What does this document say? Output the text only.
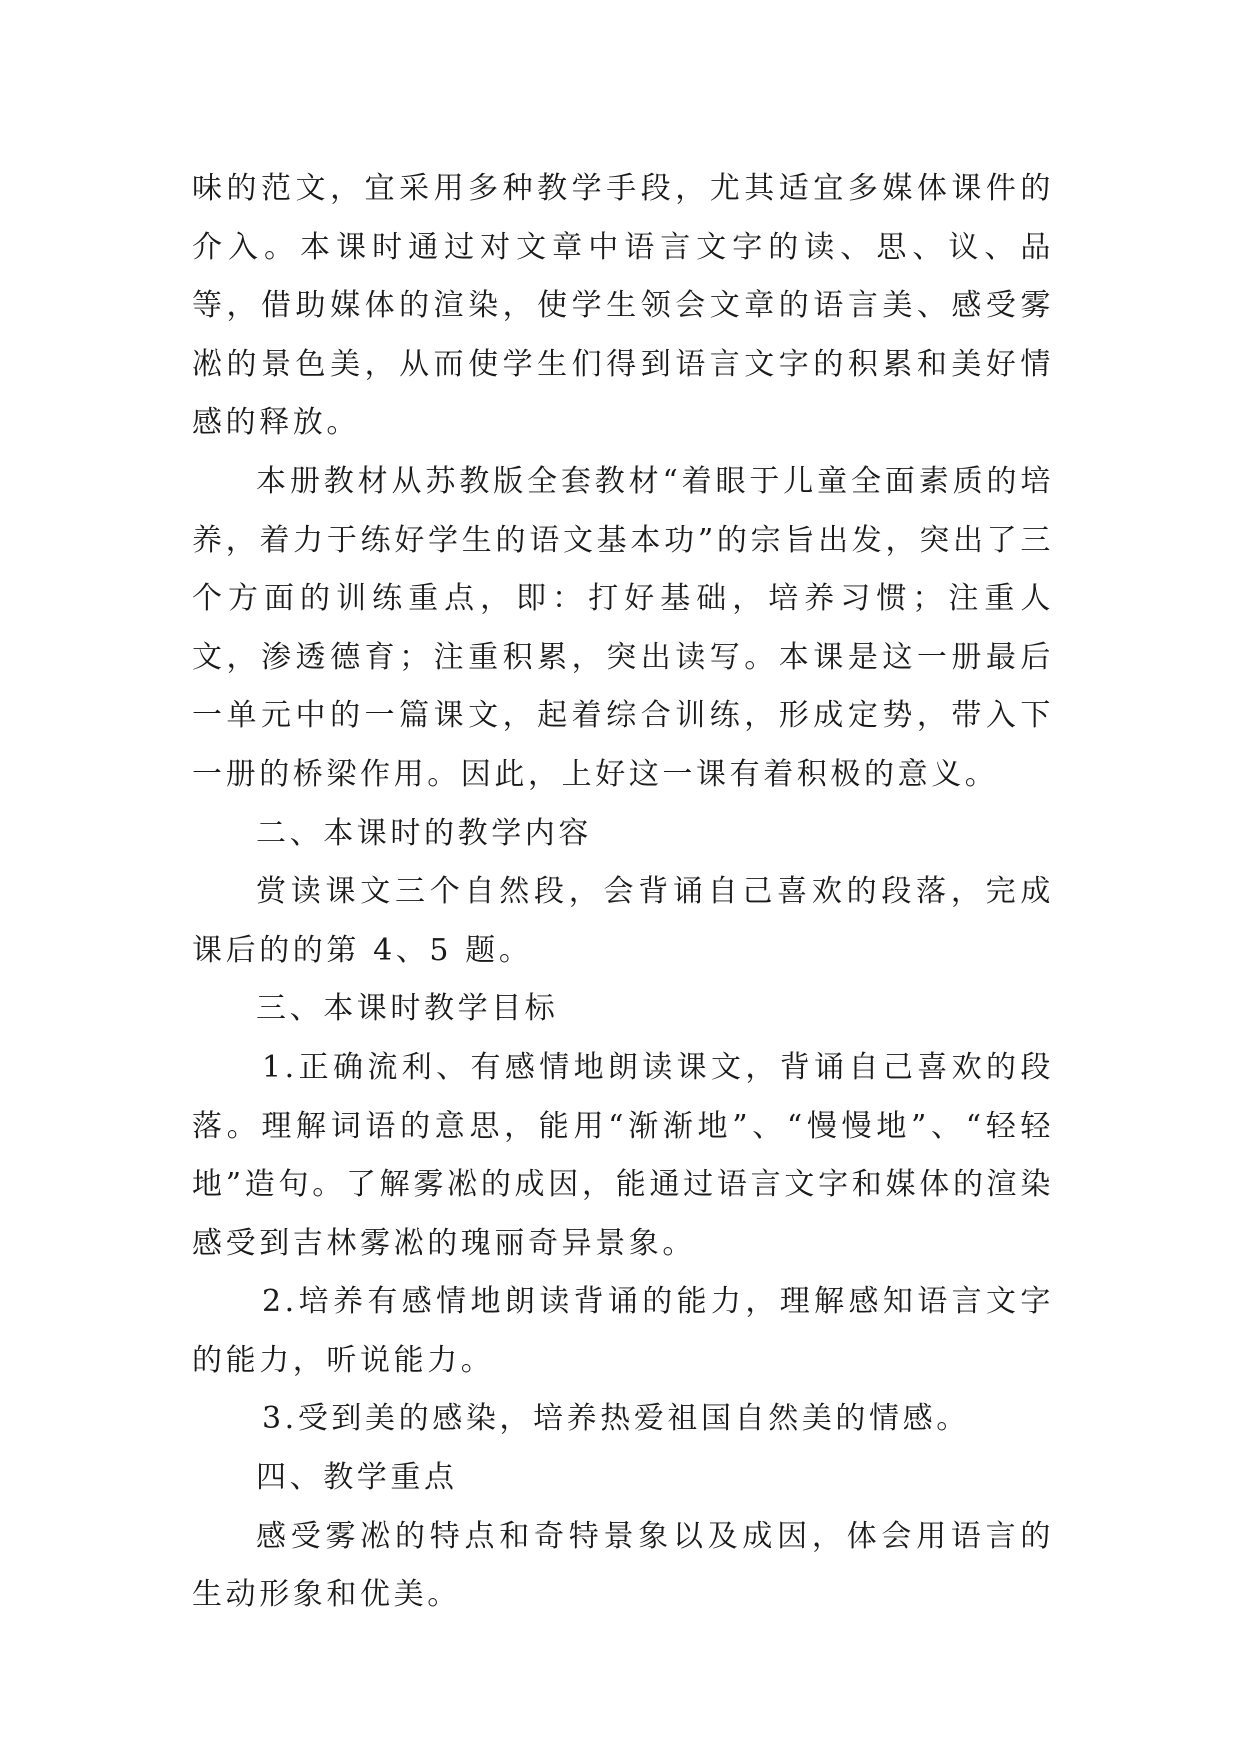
味的范文，宜采用多种教学手段，尤其适宜多媒体课件的介入。本课时通过对文章中语言文字的读、思、议、品等，借助媒体的渲染，使学生领会文章的语言美、感受雾凇的景色美，从而使学生们得到语言文字的积累和美好情感的释放。

本册教材从苏教版全套教材“着眼于儿童全面素质的培养，着力于练好学生的语文基本功”的宗旨出发，突出了三个方面的训练重点，即：打好基础，培养习惯；注重人文，渗透德育；注重积累，突出读写。本课是这一册最后一单元中的一篇课文，起着综合训练，形成定势，带入下一册的桥梁作用。因此，上好这一课有着积极的意义。

二、本课时的教学内容

赏读课文三个自然段，会背诵自己喜欢的段落，完成课后的的第 4、5 题。

三、本课时教学目标

1.正确流利、有感情地朗读课文，背诵自己喜欢的段落。理解词语的意思，能用“渐渐地”、“慢慢地”、“轻轻地”造句。了解雾凇的成因，能通过语言文字和媒体的渲染感受到吉林雾凇的瑰丽奇异景象。

2.培养有感情地朗读背诵的能力，理解感知语言文字的能力，听说能力。

3.受到美的感染，培养热爱祖国自然美的情感。

四、教学重点

感受雾凇的特点和奇特景象以及成因，体会用语言的生动形象和优美。
